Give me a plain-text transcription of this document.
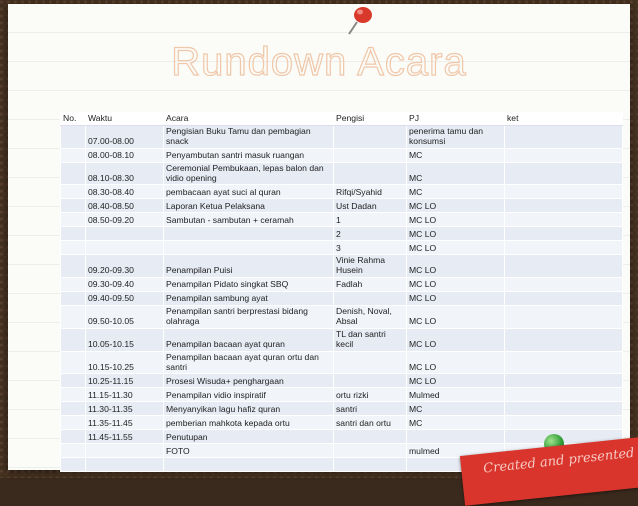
Rundown Acara
No.	Waktu	Acara	Pengisi	PJ	ket
	07.00-08.00	Pengisian Buku Tamu dan pembagian snack		penerima tamu dan konsumsi	
	08.00-08.10	Penyambutan santri masuk ruangan		MC	
	08.10-08.30	Ceremonial Pembukaan, lepas balon dan vidio opening		MC	
	08.30-08.40	pembacaan ayat suci al quran	Rifqi/Syahid	MC	
	08.40-08.50	Laporan Ketua Pelaksana	Ust Dadan	MC LO	
	08.50-09.20	Sambutan - sambutan + ceramah	1	MC LO	
			2	MC LO	
			3	MC LO	
	09.20-09.30	Penampilan Puisi	Vinie Rahma Husein	MC LO	
	09.30-09.40	Penampilan Pidato singkat SBQ	Fadlah	MC LO	
	09.40-09.50	Penampilan sambung ayat		MC LO	
	09.50-10.05	Penampilan santri berprestasi bidang olahraga	Denish, Noval, Absal	MC LO	
	10.05-10.15	Penampilan bacaan ayat quran	TL dan santri kecil	MC LO	
	10.15-10.25	Penampilan bacaan ayat quran ortu dan santri		MC LO	
	10.25-11.15	Prosesi Wisuda+ penghargaan		MC LO	
	11.15-11.30	Penampilan vidio inspiratif	ortu rizki	Mulmed	
	11.30-11.35	Menyanyikan lagu hafiz quran	santri	MC	
	11.35-11.45	pemberian mahkota kepada ortu	santri dan ortu	MC	
	11.45-11.55	Penutupan			
		FOTO		mulmed	
						Created and presented
